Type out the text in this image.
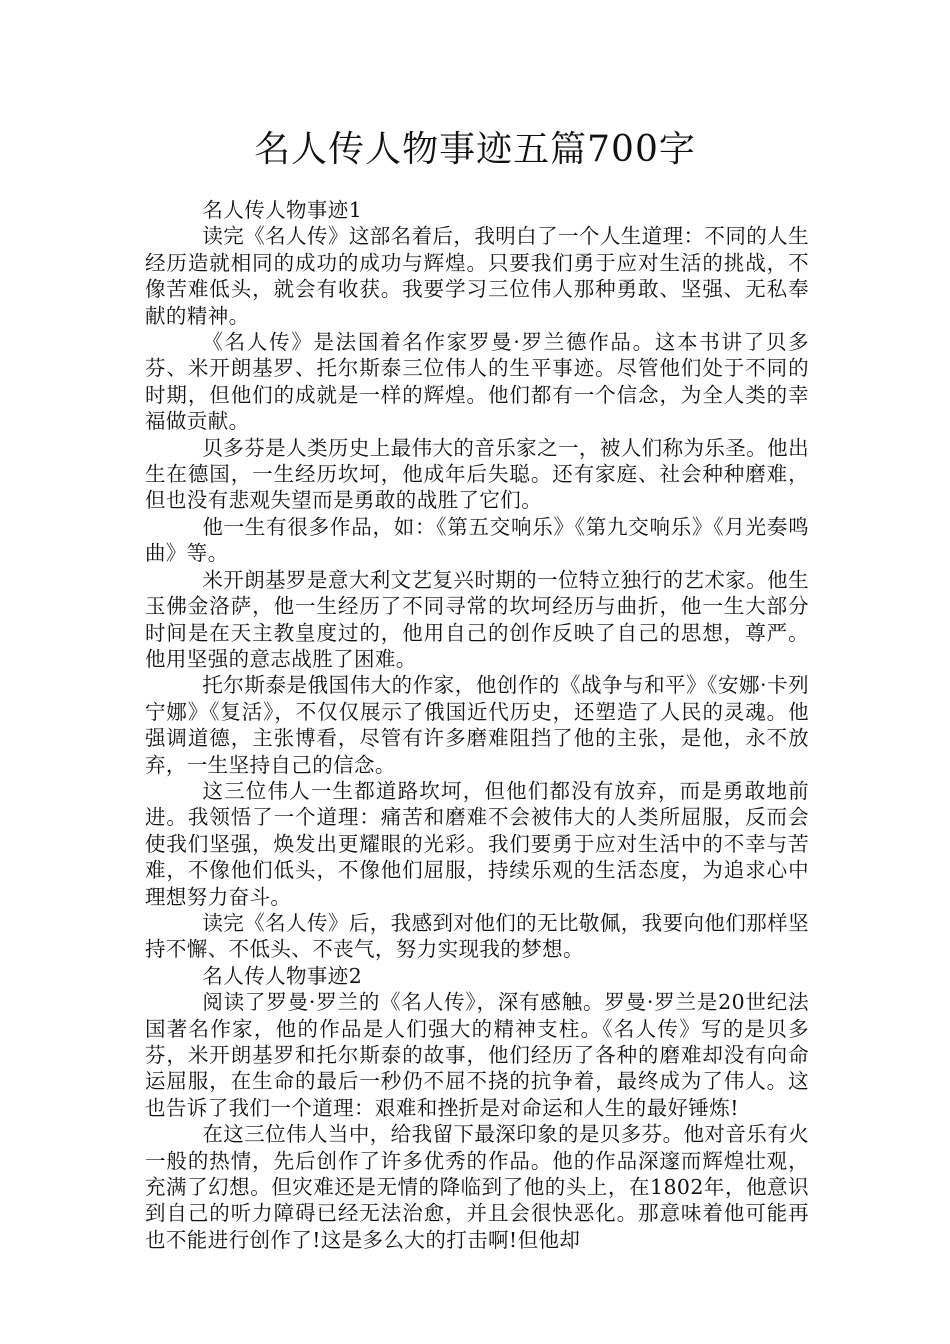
名人传人物事迹五篇700字

名人传人物事迹1

读完《名人传》这部名着后，我明白了一个人生道理：不同的人生经历造就相同的成功的成功与辉煌。只要我们勇于应对生活的挑战，不像苦难低头，就会有收获。我要学习三位伟人那种勇敢、坚强、无私奉献的精神。

《名人传》是法国着名作家罗曼·罗兰德作品。这本书讲了贝多芬、米开朗基罗、托尔斯泰三位伟人的生平事迹。尽管他们处于不同的时期，但他们的成就是一样的辉煌。他们都有一个信念，为全人类的幸福做贡献。

贝多芬是人类历史上最伟大的音乐家之一，被人们称为乐圣。他出生在德国，一生经历坎坷，他成年后失聪。还有家庭、社会种种磨难，但也没有悲观失望而是勇敢的战胜了它们。

他一生有很多作品，如：《第五交响乐》《第九交响乐》《月光奏鸣曲》等。

米开朗基罗是意大利文艺复兴时期的一位特立独行的艺术家。他生玉佛金洛萨，他一生经历了不同寻常的坎坷经历与曲折，他一生大部分时间是在天主教皇度过的，他用自己的创作反映了自己的思想，尊严。他用坚强的意志战胜了困难。

托尔斯泰是俄国伟大的作家，他创作的《战争与和平》《安娜·卡列宁娜》《复活》，不仅仅展示了俄国近代历史，还塑造了人民的灵魂。他强调道德，主张博看，尽管有许多磨难阻挡了他的主张，是他，永不放弃，一生坚持自己的信念。

这三位伟人一生都道路坎坷，但他们都没有放弃，而是勇敢地前进。我领悟了一个道理：痛苦和磨难不会被伟大的人类所屈服，反而会使我们坚强，焕发出更耀眼的光彩。我们要勇于应对生活中的不幸与苦难，不像他们低头，不像他们屈服，持续乐观的生活态度，为追求心中理想努力奋斗。

读完《名人传》后，我感到对他们的无比敬佩，我要向他们那样坚持不懈、不低头、不丧气，努力实现我的梦想。

名人传人物事迹2

阅读了罗曼·罗兰的《名人传》，深有感触。罗曼·罗兰是20世纪法国著名作家，他的作品是人们强大的精神支柱。《名人传》写的是贝多芬，米开朗基罗和托尔斯泰的故事，他们经历了各种的磨难却没有向命运屈服，在生命的最后一秒仍不屈不挠的抗争着，最终成为了伟人。这也告诉了我们一个道理：艰难和挫折是对命运和人生的最好锤炼!

在这三位伟人当中，给我留下最深印象的是贝多芬。他对音乐有火一般的热情，先后创作了许多优秀的作品。他的作品深邃而辉煌壮观，充满了幻想。但灾难还是无情的降临到了他的头上，在1802年，他意识到自己的听力障碍已经无法治愈，并且会很快恶化。那意味着他可能再也不能进行创作了!这是多么大的打击啊!但他却
